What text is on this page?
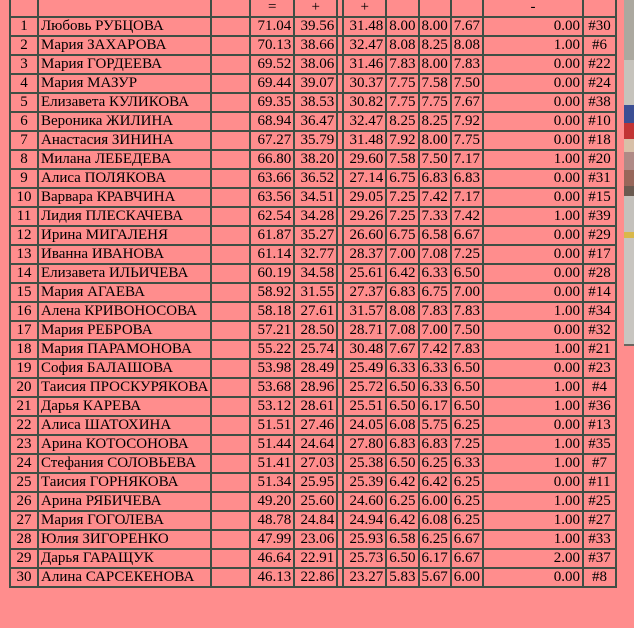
			=	+		+				-	
1	Любовь РУБЦОВА		71.04	39.56		31.48	8.00	8.00	7.67	0.00	#30
2	Мария ЗАХАРОВА		70.13	38.66		32.47	8.08	8.25	8.08	1.00	#6
3	Мария ГОРДЕЕВА		69.52	38.06		31.46	7.83	8.00	7.83	0.00	#22
4	Мария МАЗУР		69.44	39.07		30.37	7.75	7.58	7.50	0.00	#24
5	Елизавета КУЛИКОВА		69.35	38.53		30.82	7.75	7.75	7.67	0.00	#38
6	Вероника ЖИЛИНА		68.94	36.47		32.47	8.25	8.25	7.92	0.00	#10
7	Анастасия ЗИНИНА		67.27	35.79		31.48	7.92	8.00	7.75	0.00	#18
8	Милана ЛЕБЕДЕВА		66.80	38.20		29.60	7.58	7.50	7.17	1.00	#20
9	Алиса ПОЛЯКОВА		63.66	36.52		27.14	6.75	6.83	6.83	0.00	#31
10	Варвара КРАВЧИНА		63.56	34.51		29.05	7.25	7.42	7.17	0.00	#15
11	Лидия ПЛЕСКАЧЕВА		62.54	34.28		29.26	7.25	7.33	7.42	1.00	#39
12	Ирина МИГАЛЕНЯ		61.87	35.27		26.60	6.75	6.58	6.67	0.00	#29
13	Иванна ИВАНОВА		61.14	32.77		28.37	7.00	7.08	7.25	0.00	#17
14	Елизавета ИЛЬИЧЕВА		60.19	34.58		25.61	6.42	6.33	6.50	0.00	#28
15	Мария АГАЕВА		58.92	31.55		27.37	6.83	6.75	7.00	0.00	#14
16	Алена КРИВОНОСОВА		58.18	27.61		31.57	8.08	7.83	7.83	1.00	#34
17	Мария РЕБРОВА		57.21	28.50		28.71	7.08	7.00	7.50	0.00	#32
18	Мария ПАРАМОНОВА		55.22	25.74		30.48	7.67	7.42	7.83	1.00	#21
19	София БАЛАШОВА		53.98	28.49		25.49	6.33	6.33	6.50	0.00	#23
20	Таисия ПРОСКУРЯКОВА		53.68	28.96		25.72	6.50	6.33	6.50	1.00	#4
21	Дарья КАРЕВА		53.12	28.61		25.51	6.50	6.17	6.50	1.00	#36
22	Алиса ШАТОХИНА		51.51	27.46		24.05	6.08	5.75	6.25	0.00	#13
23	Арина КОТОСОНОВА		51.44	24.64		27.80	6.83	6.83	7.25	1.00	#35
24	Стефания СОЛОВЬЕВА		51.41	27.03		25.38	6.50	6.25	6.33	1.00	#7
25	Таисия ГОРНЯКОВА		51.34	25.95		25.39	6.42	6.42	6.25	0.00	#11
26	Арина РЯБИЧЕВА		49.20	25.60		24.60	6.25	6.00	6.25	1.00	#25
27	Мария ГОГОЛЕВА		48.78	24.84		24.94	6.42	6.08	6.25	1.00	#27
28	Юлия ЗИГОРЕНКО		47.99	23.06		25.93	6.58	6.25	6.67	1.00	#33
29	Дарья ГАРАЩУК		46.64	22.91		25.73	6.50	6.17	6.67	2.00	#37
30	Алина САРСЕКЕНОВА		46.13	22.86		23.27	5.83	5.67	6.00	0.00	#8
